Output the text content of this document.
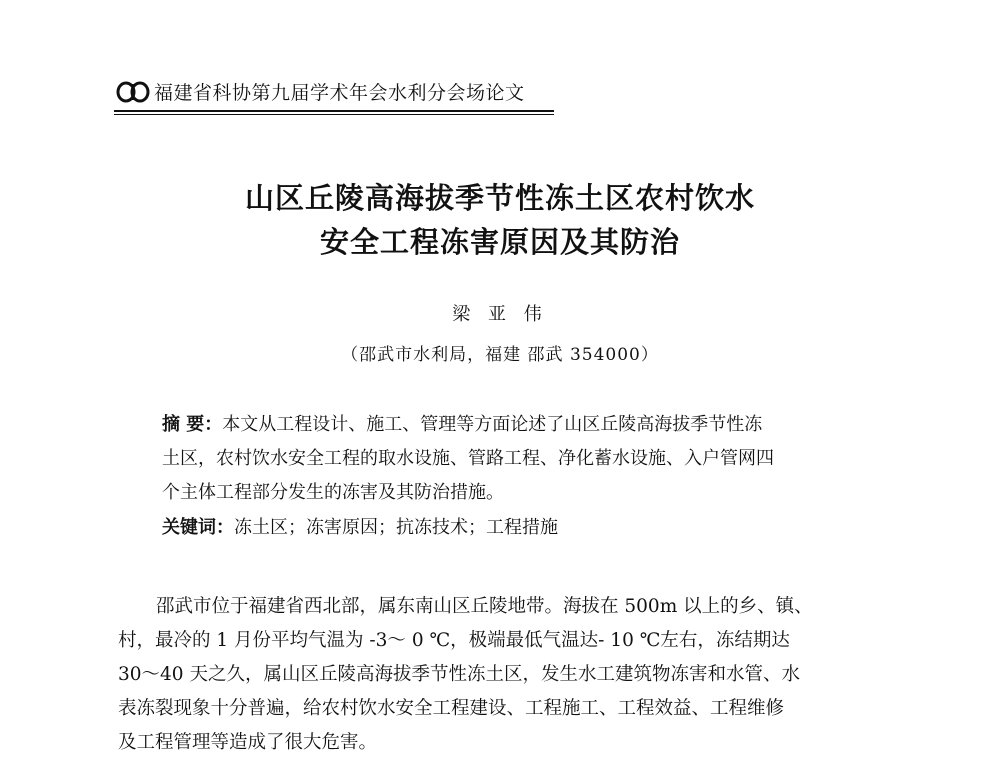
福建省科协第九届学术年会水利分会场论文
山区丘陵高海拔季节性冻土区农村饮水
安全工程冻害原因及其防治
梁 亚 伟
（邵武市水利局，福建 邵武 354000）
摘 要：本文从工程设计、施工、管理等方面论述了山区丘陵高海拔季节性冻
土区，农村饮水安全工程的取水设施、管路工程、净化蓄水设施、入户管网四
个主体工程部分发生的冻害及其防治措施。
关键词：冻土区；冻害原因；抗冻技术；工程措施
邵武市位于福建省西北部，属东南山区丘陵地带。海拔在 500m 以上的乡、镇、
村，最冷的 1 月份平均气温为 -3～ 0 ℃，极端最低气温达- 10 ℃左右，冻结期达
30～40 天之久，属山区丘陵高海拔季节性冻土区，发生水工建筑物冻害和水管、水
表冻裂现象十分普遍，给农村饮水安全工程建设、工程施工、工程效益、工程维修
及工程管理等造成了很大危害。
